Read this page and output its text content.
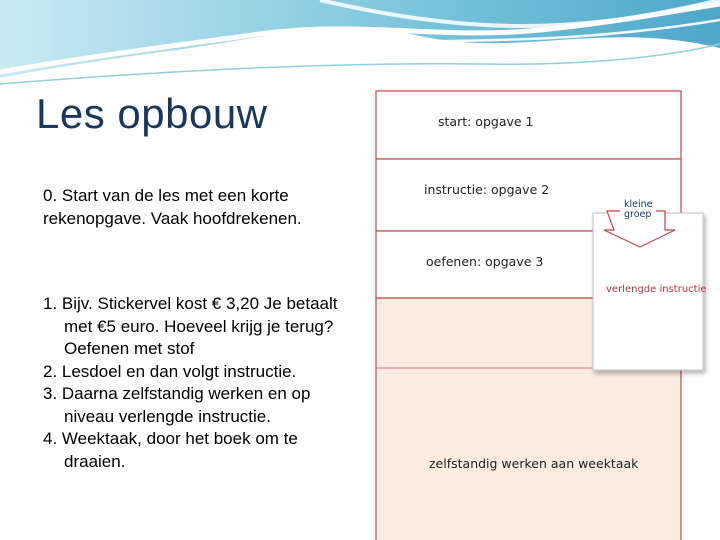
Les opbouw
0. Start van de les met een korte rekenopgave. Vaak hoofdrekenen.
1. Bijv. Stickervel kost € 3,20 Je betaalt met €5 euro. Hoeveel krijg je terug? Oefenen met stof
2. Lesdoel en dan volgt instructie.
3. Daarna zelfstandig werken en op niveau verlengde instructie.
4. Weektaak, door het boek om te draaien.
start: opgave 1
instructie: opgave 2
oefenen: opgave 3
zelfstandig werken aan weektaak
verlengde instructie
kleine
groep
